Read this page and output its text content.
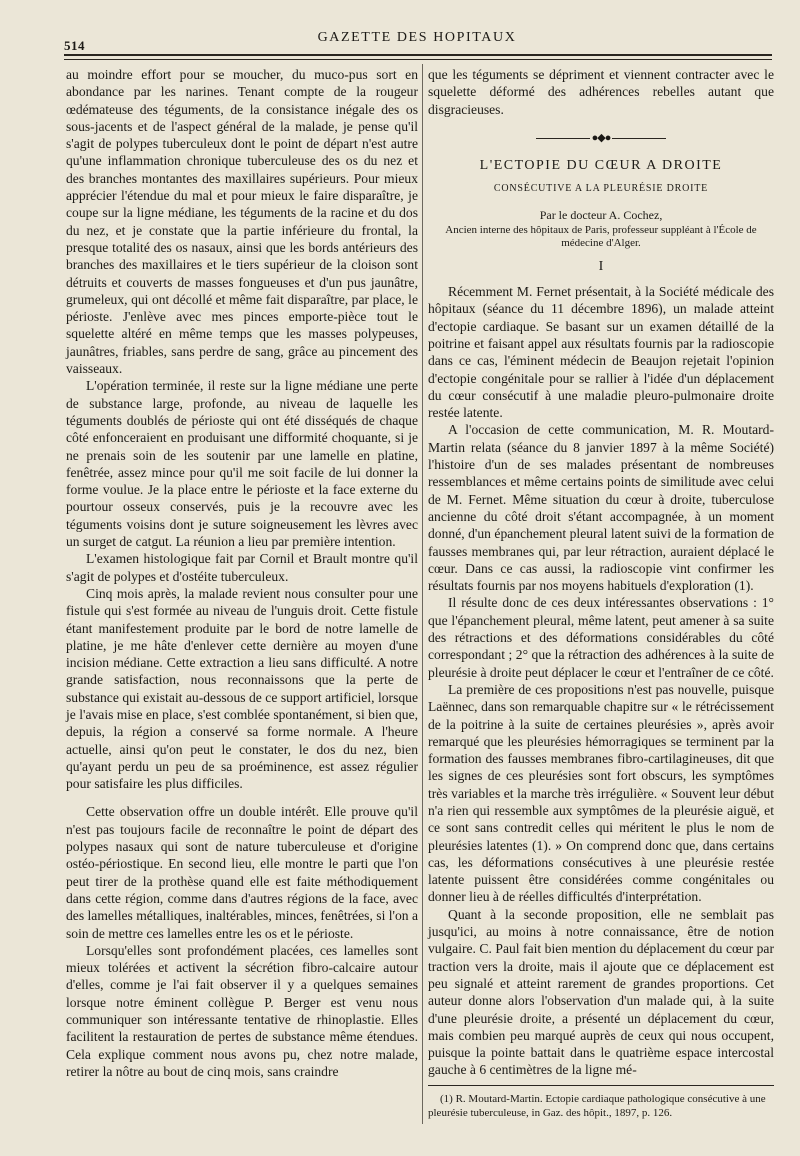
514
GAZETTE DES HOPITAUX

au moindre effort pour se moucher, du muco-pus sort en abondance par les narines. Tenant compte de la rougeur œdémateuse des téguments, de la consistance inégale des os sous-jacents et de l'aspect général de la malade, je pense qu'il s'agit de polypes tuberculeux dont le point de départ n'est autre qu'une inflammation chronique tuberculeuse des os du nez et des branches montantes des maxillaires supérieurs. Pour mieux apprécier l'étendue du mal et pour mieux le faire disparaître, je coupe sur la ligne médiane, les téguments de la racine et du dos du nez, et je constate que la partie inférieure du frontal, la presque totalité des os nasaux, ainsi que les bords antérieurs des branches des maxillaires et le tiers supérieur de la cloison sont détruits et couverts de masses fongueuses et d'un pus jaunâtre, grumeleux, qui ont décollé et même fait disparaître, par place, le périoste. J'enlève avec mes pinces emporte-pièce tout le squelette altéré en même temps que les masses polypeuses, jaunâtres, friables, sans perdre de sang, grâce au pincement des vaisseaux.

L'opération terminée, il reste sur la ligne médiane une perte de substance large, profonde, au niveau de laquelle les téguments doublés de périoste qui ont été disséqués de chaque côté enfonceraient en produisant une difformité choquante, si je ne prenais soin de les soutenir par une lamelle en platine, fenêtrée, assez mince pour qu'il me soit facile de lui donner la forme voulue. Je la place entre le périoste et la face externe du pourtour osseux conservés, puis je la recouvre avec les téguments voisins dont je suture soigneusement les lèvres avec un surget de catgut. La réunion a lieu par première intention.

L'examen histologique fait par Cornil et Brault montre qu'il s'agit de polypes et d'ostéite tuberculeux.

Cinq mois après, la malade revient nous consulter pour une fistule qui s'est formée au niveau de l'unguis droit. Cette fistule étant manifestement produite par le bord de notre lamelle de platine, je me hâte d'enlever cette dernière au moyen d'une incision médiane. Cette extraction a lieu sans difficulté. A notre grande satisfaction, nous reconnaissons que la perte de substance qui existait au-dessous de ce support artificiel, lorsque je l'avais mise en place, s'est comblée spontanément, si bien que, depuis, la région a conservé sa forme normale. A l'heure actuelle, ainsi qu'on peut le constater, le dos du nez, bien qu'ayant perdu un peu de sa proéminence, est assez régulier pour satisfaire les plus difficiles.

Cette observation offre un double intérêt. Elle prouve qu'il n'est pas toujours facile de reconnaître le point de départ des polypes nasaux qui sont de nature tuberculeuse et d'origine ostéo-périostique. En second lieu, elle montre le parti que l'on peut tirer de la prothèse quand elle est faite méthodiquement dans cette région, comme dans d'autres régions de la face, avec des lamelles métalliques, inaltérables, minces, fenêtrées, si l'on a soin de mettre ces lamelles entre les os et le périoste.

Lorsqu'elles sont profondément placées, ces lamelles sont mieux tolérées et activent la sécrétion fibro-calcaire autour d'elles, comme je l'ai fait observer il y a quelques semaines lorsque notre éminent collègue P. Berger est venu nous communiquer son intéressante tentative de rhinoplastie. Elles facilitent la restauration de pertes de substance même étendues. Cela explique comment nous avons pu, chez notre malade, retirer la nôtre au bout de cinq mois, sans craindre

que les téguments se dépriment et viennent contracter avec le squelette déformé des adhérences rebelles autant que disgracieuses.

●◆●
L'ECTOPIE DU CŒUR A DROITE
CONSÉCUTIVE A LA PLEURÉSIE DROITE
Par le docteur A. Cochez,
Ancien interne des hôpitaux de Paris, professeur suppléant à l'École de médecine d'Alger.
I

Récemment M. Fernet présentait, à la Société médicale des hôpitaux (séance du 11 décembre 1896), un malade atteint d'ectopie cardiaque. Se basant sur un examen détaillé de la poitrine et faisant appel aux résultats fournis par la radioscopie dans ce cas, l'éminent médecin de Beaujon rejetait l'opinion d'ectopie congénitale pour se rallier à l'idée d'un déplacement du cœur consécutif à une maladie pleuro-pulmonaire droite restée latente.

A l'occasion de cette communication, M. R. Moutard-Martin relata (séance du 8 janvier 1897 à la même Société) l'histoire d'un de ses malades présentant de nombreuses ressemblances et même certains points de similitude avec celui de M. Fernet. Même situation du cœur à droite, tuberculose ancienne du côté droit s'étant accompagnée, à un moment donné, d'un épanchement pleural latent suivi de la formation de fausses membranes qui, par leur rétraction, auraient déplacé le cœur. Dans ce cas aussi, la radioscopie vint confirmer les résultats fournis par nos moyens habituels d'exploration (1).

Il résulte donc de ces deux intéressantes observations : 1° que l'épanchement pleural, même latent, peut amener à sa suite des rétractions et des déformations considérables du côté correspondant ; 2° que la rétraction des adhérences à la suite de pleurésie à droite peut déplacer le cœur et l'entraîner de ce côté.

La première de ces propositions n'est pas nouvelle, puisque Laënnec, dans son remarquable chapitre sur « le rétrécissement de la poitrine à la suite de certaines pleurésies », après avoir remarqué que les pleurésies hémorragiques se terminent par la formation des fausses membranes fibro-cartilagineuses, dit que les signes de ces pleurésies sont fort obscurs, les symptômes très variables et la marche très irrégulière. « Souvent leur début n'a rien qui ressemble aux symptômes de la pleurésie aiguë, et ce sont sans contredit celles qui méritent le plus le nom de pleurésies latentes (1). » On comprend donc que, dans certains cas, les déformations consécutives à une pleurésie restée latente puissent être considérées comme congénitales ou donner lieu à de réelles difficultés d'interprétation.

Quant à la seconde proposition, elle ne semblait pas jusqu'ici, au moins à notre connaissance, être de notion vulgaire. C. Paul fait bien mention du déplacement du cœur par traction vers la droite, mais il ajoute que ce déplacement est peu signalé et atteint rarement de grandes proportions. Cet auteur donne alors l'observation d'un malade qui, à la suite d'une pleurésie droite, a présenté un déplacement du cœur, mais combien peu marqué auprès de ceux qui nous occupent, puisque la pointe battait dans le quatrième espace intercostal gauche à 6 centimètres de la ligne mé-

(1) R. Moutard-Martin. Ectopie cardiaque pathologique consécutive à une pleurésie tuberculeuse, in Gaz. des hôpit., 1897, p. 126.
